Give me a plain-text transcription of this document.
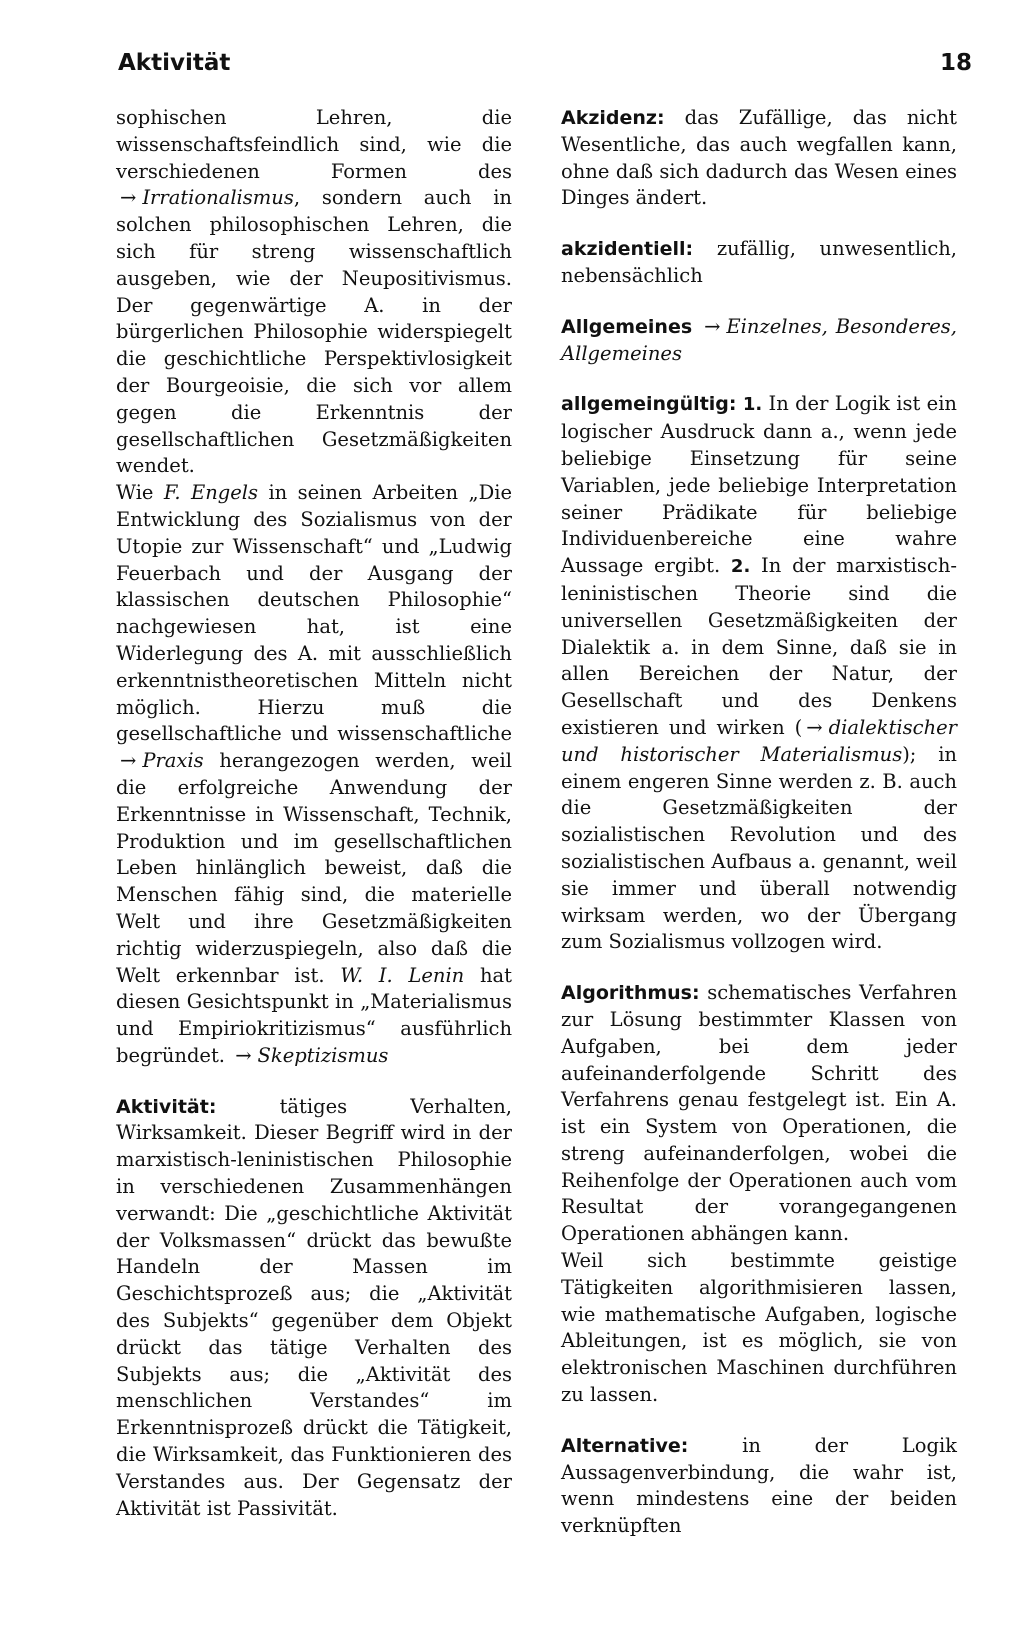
Aktivität	18

sophischen Lehren, die wissenschaftsfeindlich sind, wie die verschiedenen Formen des → Irrationalismus, sondern auch in solchen philosophischen Lehren, die sich für streng wissenschaftlich ausgeben, wie der Neupositivismus. Der gegenwärtige A. in der bürgerlichen Philosophie widerspiegelt die geschichtliche Perspektivlosigkeit der Bourgeoisie, die sich vor allem gegen die Erkenntnis der gesellschaftlichen Gesetzmäßigkeiten wendet.

Wie F. Engels in seinen Arbeiten „Die Entwicklung des Sozialismus von der Utopie zur Wissenschaft“ und „Ludwig Feuerbach und der Ausgang der klassischen deutschen Philosophie“ nachgewiesen hat, ist eine Widerlegung des A. mit ausschließlich erkenntnistheoretischen Mitteln nicht möglich. Hierzu muß die gesellschaftliche und wissenschaftliche → Praxis herangezogen werden, weil die erfolgreiche Anwendung der Erkenntnisse in Wissenschaft, Technik, Produktion und im gesellschaftlichen Leben hinlänglich beweist, daß die Menschen fähig sind, die materielle Welt und ihre Gesetzmäßigkeiten richtig widerzuspiegeln, also daß die Welt erkennbar ist. W. I. Lenin hat diesen Gesichtspunkt in „Materialismus und Empiriokritizismus“ ausführlich begründet. → Skeptizismus

Aktivität: tätiges Verhalten, Wirksamkeit. Dieser Begriff wird in der marxistisch-leninistischen Philosophie in verschiedenen Zusammenhängen verwandt: Die „geschichtliche Aktivität der Volksmassen“ drückt das bewußte Handeln der Massen im Geschichtsprozeß aus; die „Aktivität des Subjekts“ gegenüber dem Objekt drückt das tätige Verhalten des Subjekts aus; die „Aktivität des menschlichen Verstandes“ im Erkenntnisprozeß drückt die Tätigkeit, die Wirksamkeit, das Funktionieren des Verstandes aus. Der Gegensatz der Aktivität ist Passivität.

Akzidenz: das Zufällige, das nicht Wesentliche, das auch wegfallen kann, ohne daß sich dadurch das Wesen eines Dinges ändert.

akzidentiell: zufällig, unwesentlich, nebensächlich

Allgemeines → Einzelnes, Besonderes, Allgemeines

allgemeingültig: 1. In der Logik ist ein logischer Ausdruck dann a., wenn jede beliebige Einsetzung für seine Variablen, jede beliebige Interpretation seiner Prädikate für beliebige Individuenbereiche eine wahre Aussage ergibt. 2. In der marxistisch-leninistischen Theorie sind die universellen Gesetzmäßigkeiten der Dialektik a. in dem Sinne, daß sie in allen Bereichen der Natur, der Gesellschaft und des Denkens existieren und wirken ( → dialektischer und historischer Materialismus); in einem engeren Sinne werden z. B. auch die Gesetzmäßigkeiten der sozialistischen Revolution und des sozialistischen Aufbaus a. genannt, weil sie immer und überall notwendig wirksam werden, wo der Übergang zum Sozialismus vollzogen wird.

Algorithmus: schematisches Verfahren zur Lösung bestimmter Klassen von Aufgaben, bei dem jeder aufeinanderfolgende Schritt des Verfahrens genau festgelegt ist. Ein A. ist ein System von Operationen, die streng aufeinanderfolgen, wobei die Reihenfolge der Operationen auch vom Resultat der vorangegangenen Operationen abhängen kann.

Weil sich bestimmte geistige Tätigkeiten algorithmisieren lassen, wie mathematische Aufgaben, logische Ableitungen, ist es möglich, sie von elektronischen Maschinen durchführen zu lassen.

Alternative: in der Logik Aussagenverbindung, die wahr ist, wenn mindestens eine der beiden verknüpften
